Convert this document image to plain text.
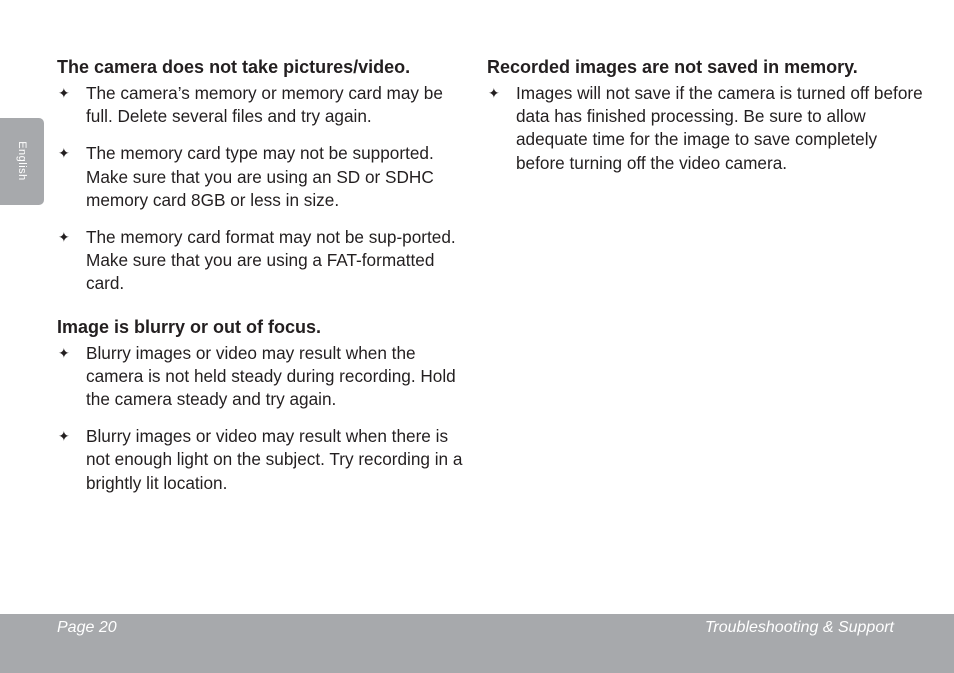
English
The camera does not take pictures/video.
✦ The camera’s memory or memory card may be full. Delete several files and try again.
✦ The memory card type may not be supported. Make sure that you are using an SD or SDHC memory card 8GB or less in size.
✦ The memory card format may not be sup-ported. Make sure that you are using a FAT-formatted card.
Image is blurry or out of focus.
✦ Blurry images or video may result when the camera is not held steady during recording. Hold the camera steady and try again.
✦ Blurry images or video may result when there is not enough light on the subject. Try recording in a brightly lit location.
Recorded images are not saved in memory.
✦ Images will not save if the camera is turned off before data has finished processing. Be sure to allow adequate time for the image to save completely before turning off the video camera.
Page 20	Troubleshooting & Support
